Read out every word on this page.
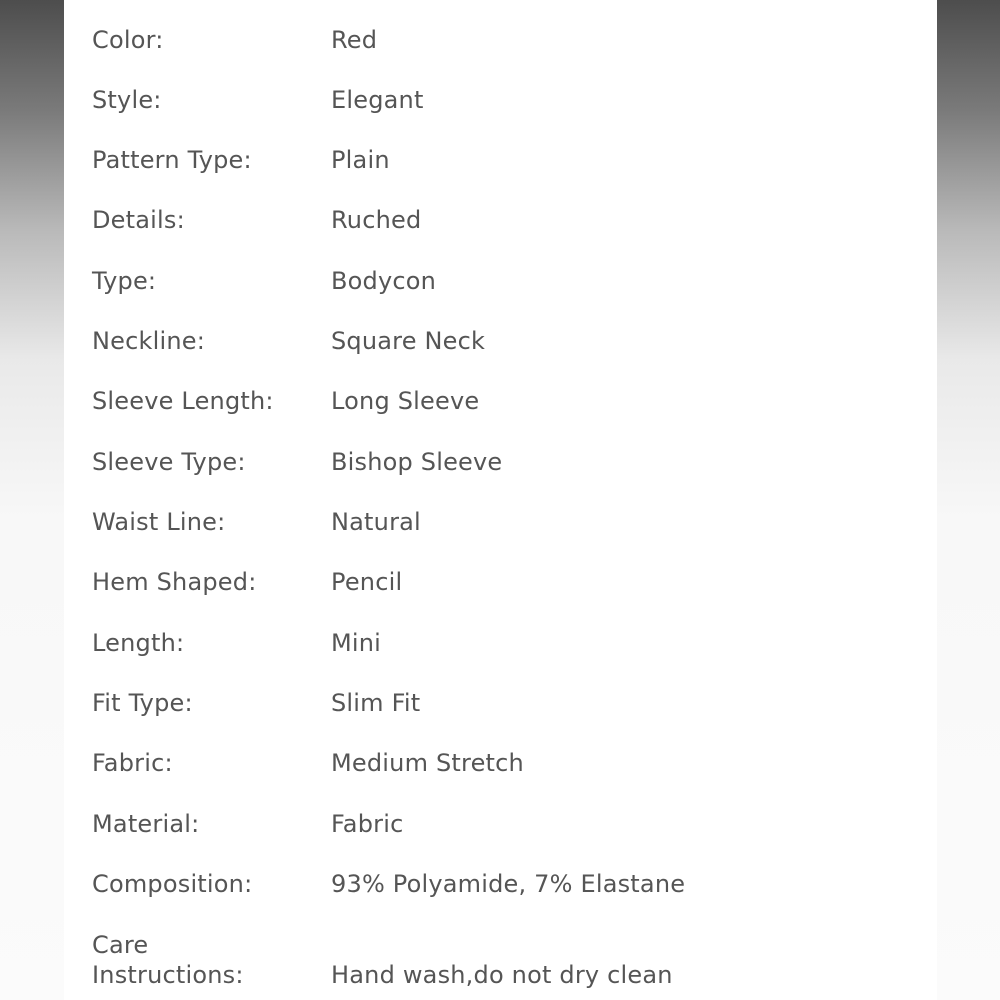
Color:	Red
Style:	Elegant
Pattern Type:	Plain
Details:	Ruched
Type:	Bodycon
Neckline:	Square Neck
Sleeve Length: Long Sleeve
Sleeve Type:	Bishop Sleeve
Waist Line:	Natural
Hem Shaped:	Pencil
Length:	Mini
Fit Type:	Slim Fit
Fabric:	Medium Stretch
Material:	Fabric
Composition:	93% Polyamide, 7% Elastane
Care
Instructions:	Hand wash,do not dry clean
